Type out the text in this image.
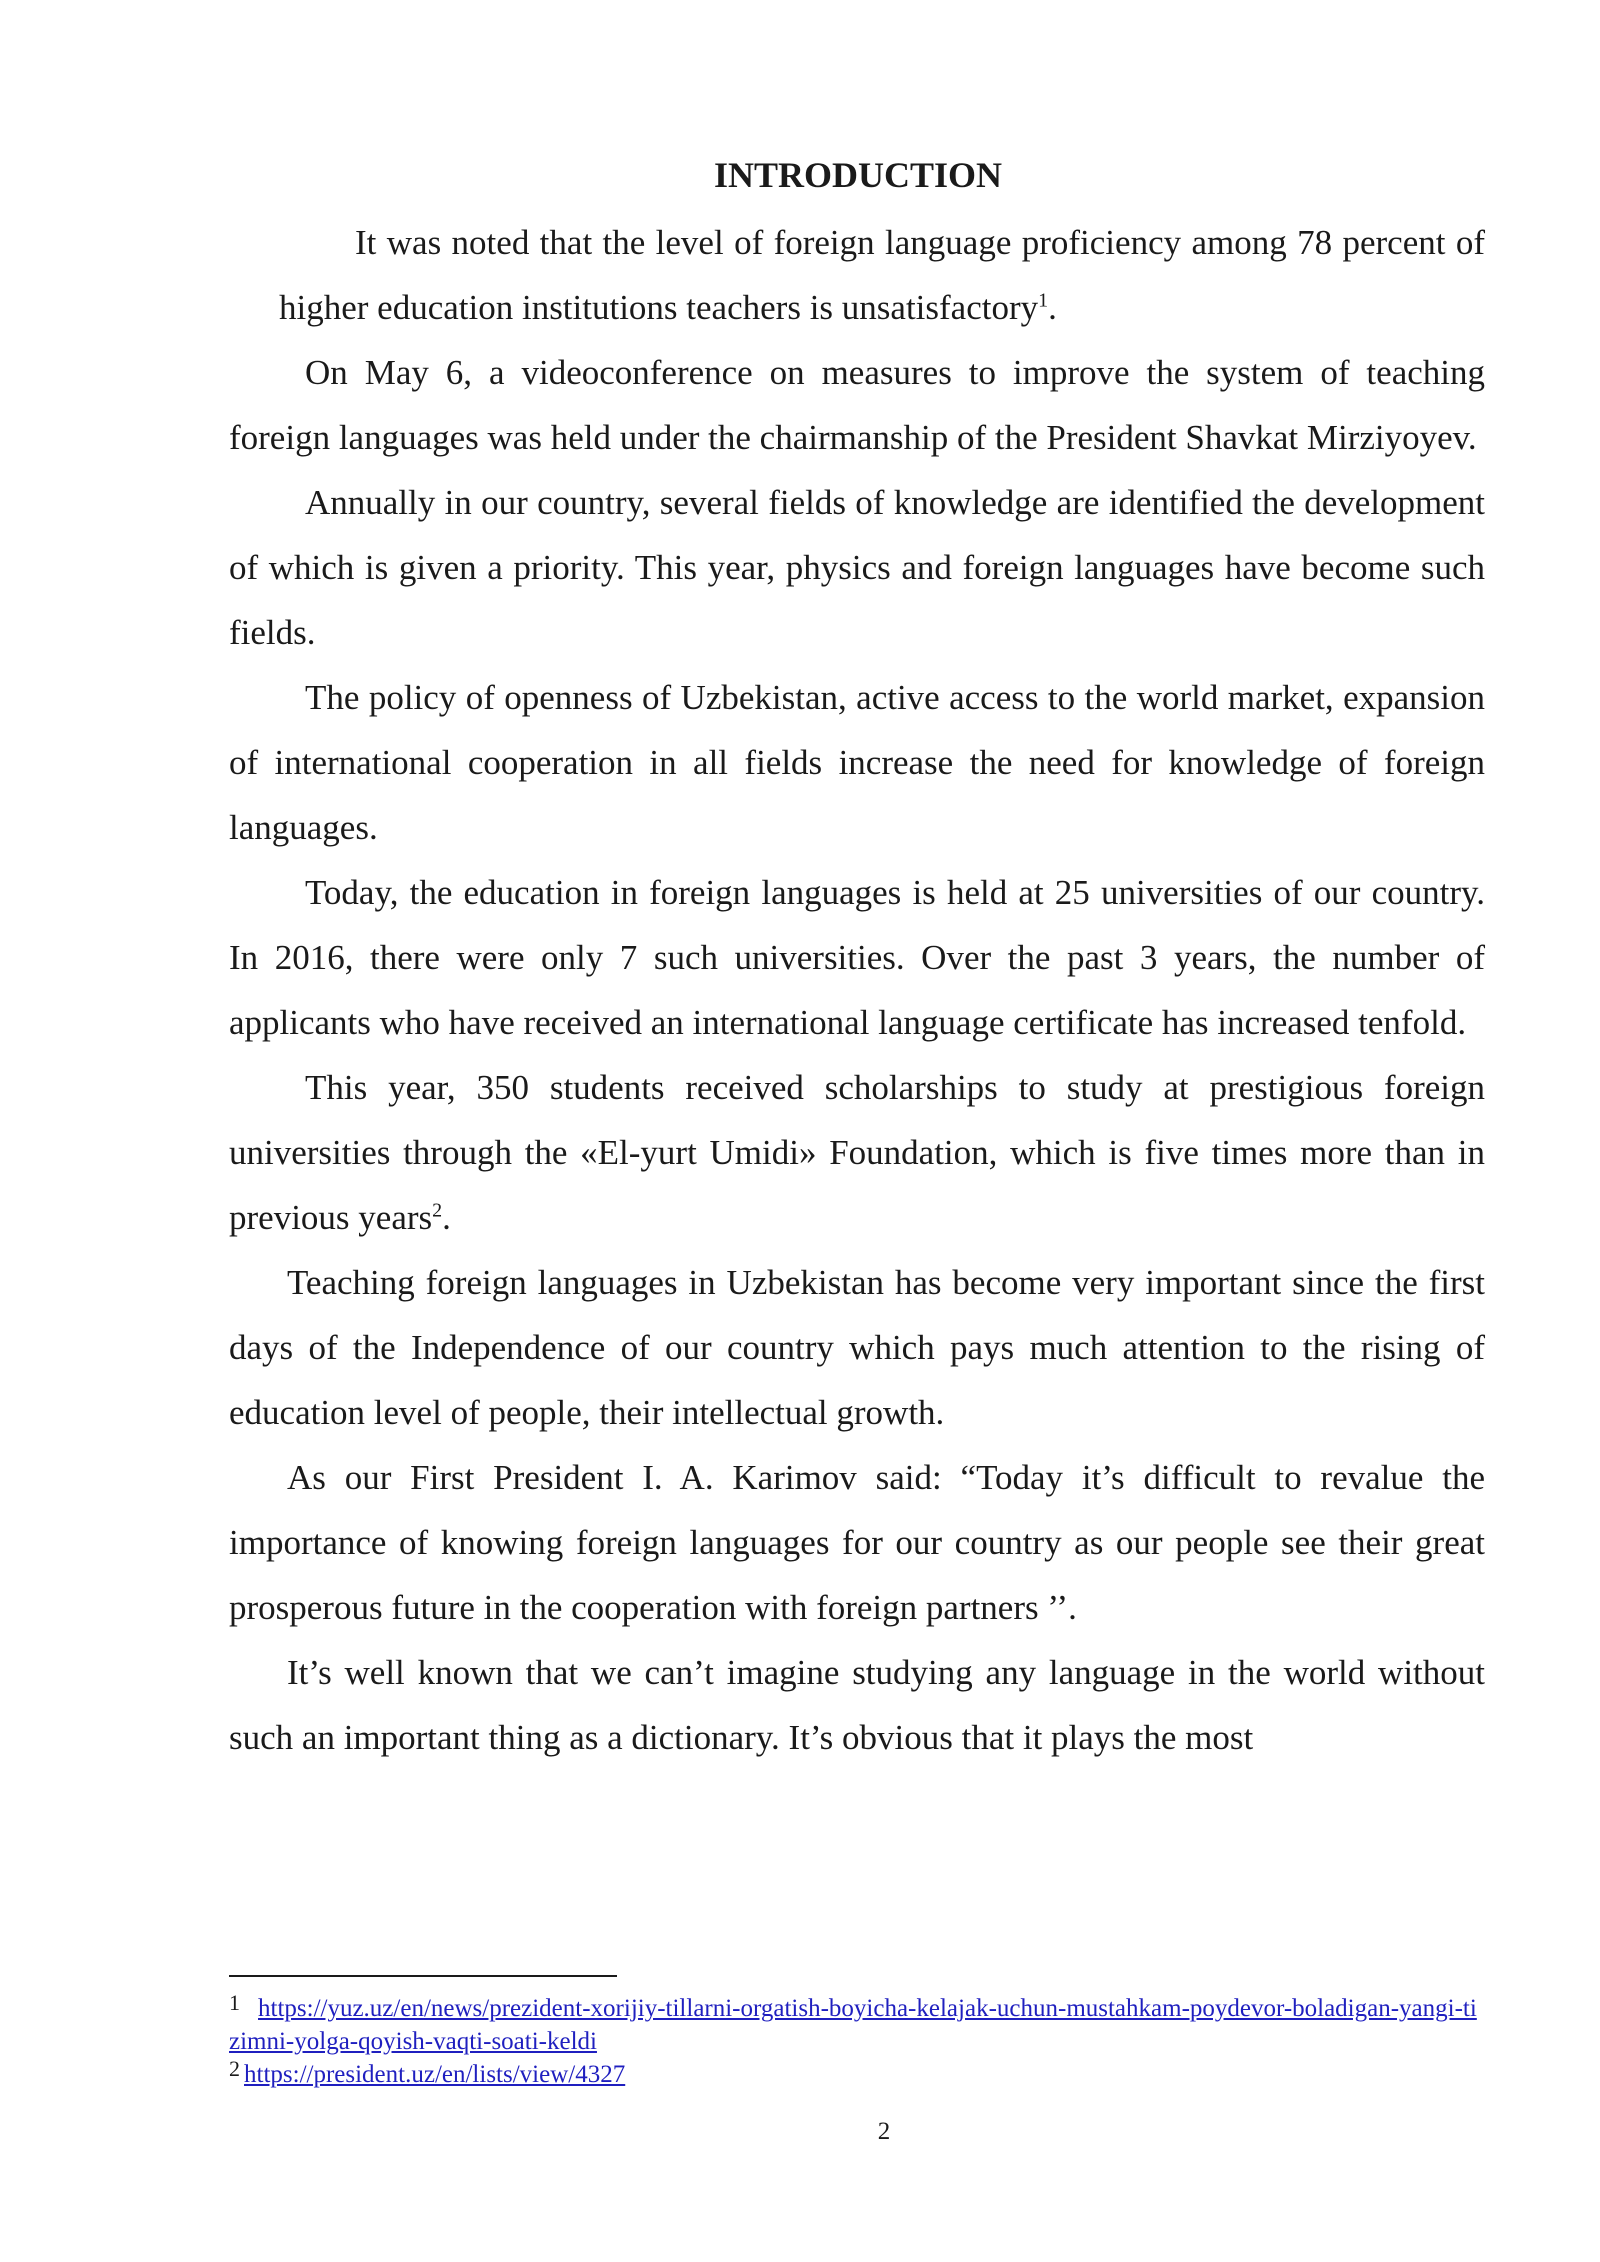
INTRODUCTION

It was noted that the level of foreign language proficiency among 78 percent of higher education institutions teachers is unsatisfactory$^1$.

On May 6, a videoconference on measures to improve the system of teaching foreign languages was held under the chairmanship of the President Shavkat Mirziyoyev.

Annually in our country, several fields of knowledge are identified the development of which is given a priority. This year, physics and foreign languages have become such fields.

The policy of openness of Uzbekistan, active access to the world market, expansion of international cooperation in all fields increase the need for knowledge of foreign languages.

Today, the education in foreign languages is held at 25 universities of our country. In 2016, there were only 7 such universities. Over the past 3 years, the number of applicants who have received an international language certificate has increased tenfold.

This year, 350 students received scholarships to study at prestigious foreign universities through the «El-yurt Umidi» Foundation, which is five times more than in previous years$^2$.

Teaching foreign languages in Uzbekistan has become very important since the first days of the Independence of our country which pays much attention to the rising of education level of people, their intellectual growth.

As our First President I. A. Karimov said: “Today it’s difficult to revalue the importance of knowing foreign languages for our country as our people see their great prosperous future in the cooperation with foreign partners ’’.

It’s well known that we can’t imagine studying any language in the world without such an important thing as a dictionary. It’s obvious that it plays the most

1 https://yuz.uz/en/news/prezident-xorijiy-tillarni-orgatish-boyicha-kelajak-uchun-mustahkam-poydevor-boladigan-yangi-tizimni-yolga-qoyish-vaqti-soati-keldi

2 https://president.uz/en/lists/view/4327

2
